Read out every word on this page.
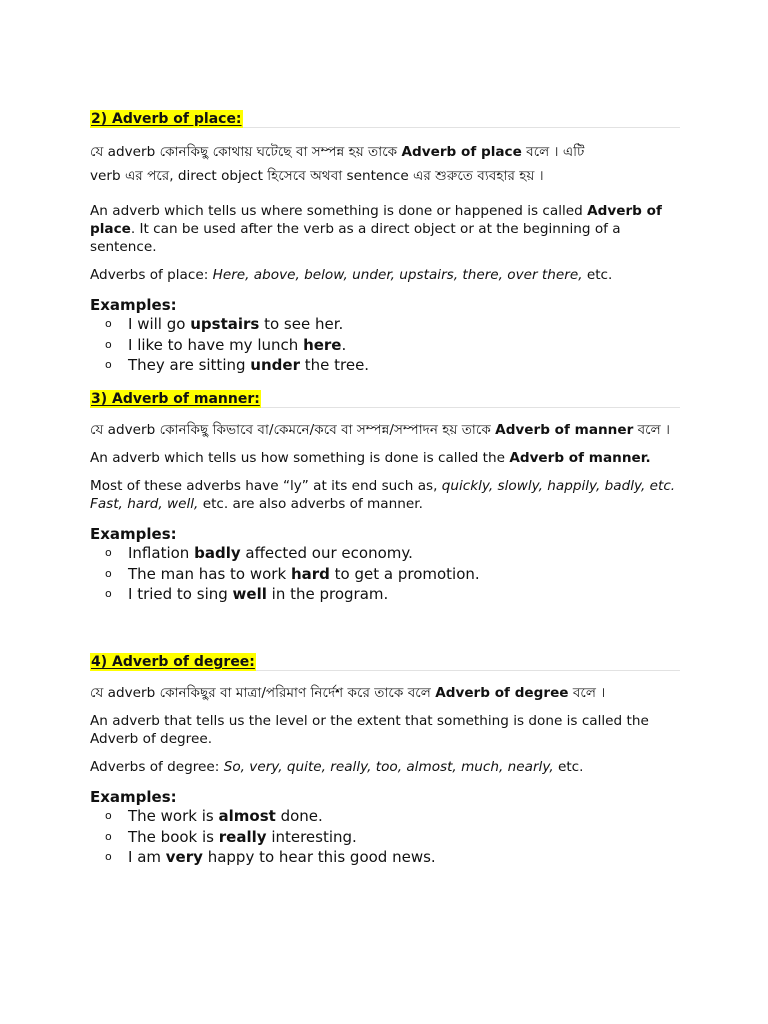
2) Adverb of place:

যে adverb কোনকিছু কোথায় ঘটেছে বা সম্পন্ন হয় তাকে Adverb of place বলে । এটি
verb এর পরে, direct object হিসেবে অথবা sentence এর শুরুতে ব্যবহার হয় ।

An adverb which tells us where something is done or happened is called Adverb of place. It can be used after the verb as a direct object or at the beginning of a sentence.

Adverbs of place: Here, above, below, under, upstairs, there, over there, etc.

Examples:
o I will go upstairs to see her.
o I like to have my lunch here.
o They are sitting under the tree.
3) Adverb of manner:

যে adverb কোনকিছু কিভাবে বা/কেমনে/কবে বা সম্পন্ন/সম্পাদন হয় তাকে Adverb of manner বলে ।

An adverb which tells us how something is done is called the Adverb of manner.

Most of these adverbs have “ly” at its end such as, quickly, slowly, happily, badly, etc. Fast, hard, well, etc. are also adverbs of manner.

Examples:
o Inflation badly affected our economy.
o The man has to work hard to get a promotion.
o I tried to sing well in the program.
4) Adverb of degree:

যে adverb কোনকিছুর বা মাত্রা/পরিমাণ নির্দেশ করে তাকে বলে Adverb of degree বলে ।

An adverb that tells us the level or the extent that something is done is called the Adverb of degree.

Adverbs of degree: So, very, quite, really, too, almost, much, nearly, etc.

Examples:
o The work is almost done.
o The book is really interesting.
o I am very happy to hear this good news.
